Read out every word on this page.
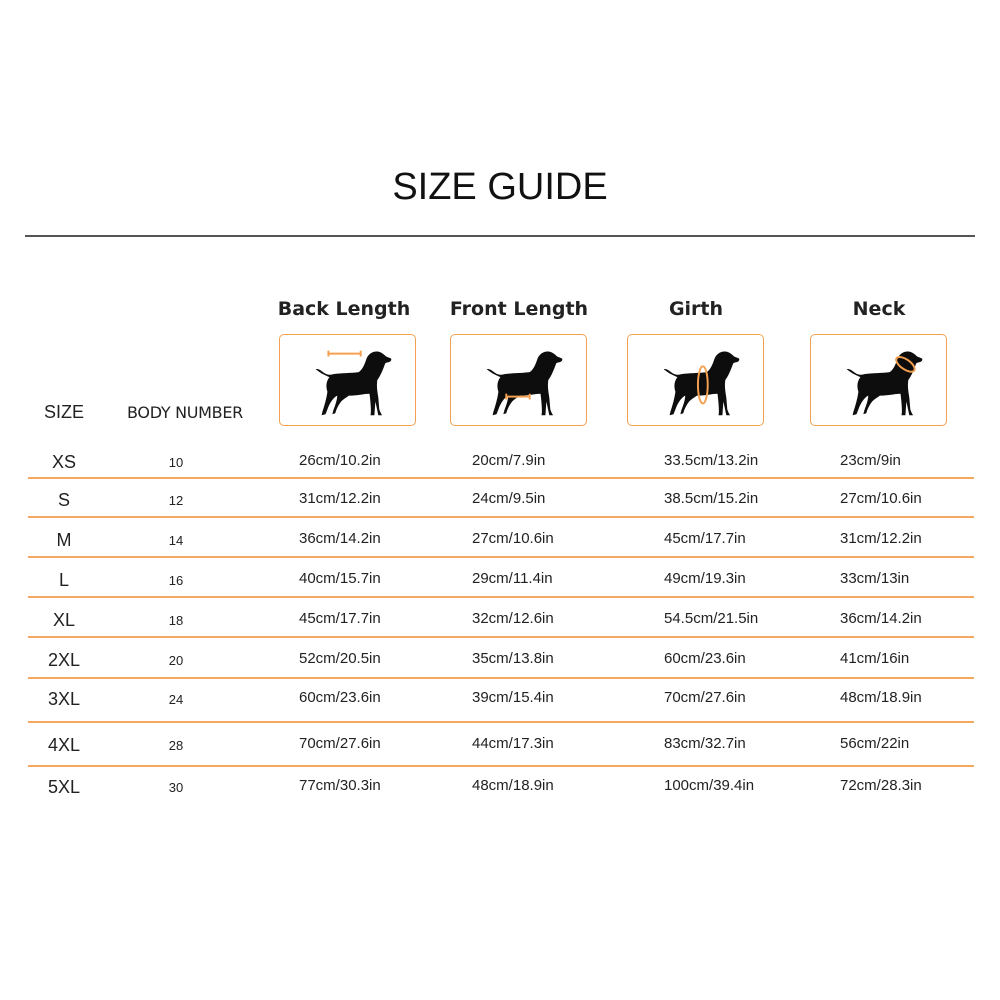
SIZE GUIDE
Back Length	Front Length	Girth	Neck
SIZE	BODY NUMBER
XS	10	26cm/10.2in	20cm/7.9in	33.5cm/13.2in	23cm/9in
S	12	31cm/12.2in	24cm/9.5in	38.5cm/15.2in	27cm/10.6in
M	14	36cm/14.2in	27cm/10.6in	45cm/17.7in	31cm/12.2in
L	16	40cm/15.7in	29cm/11.4in	49cm/19.3in	33cm/13in
XL	18	45cm/17.7in	32cm/12.6in	54.5cm/21.5in	36cm/14.2in
2XL	20	52cm/20.5in	35cm/13.8in	60cm/23.6in	41cm/16in
3XL	24	60cm/23.6in	39cm/15.4in	70cm/27.6in	48cm/18.9in
4XL	28	70cm/27.6in	44cm/17.3in	83cm/32.7in	56cm/22in
5XL	30	77cm/30.3in	48cm/18.9in	100cm/39.4in	72cm/28.3in
